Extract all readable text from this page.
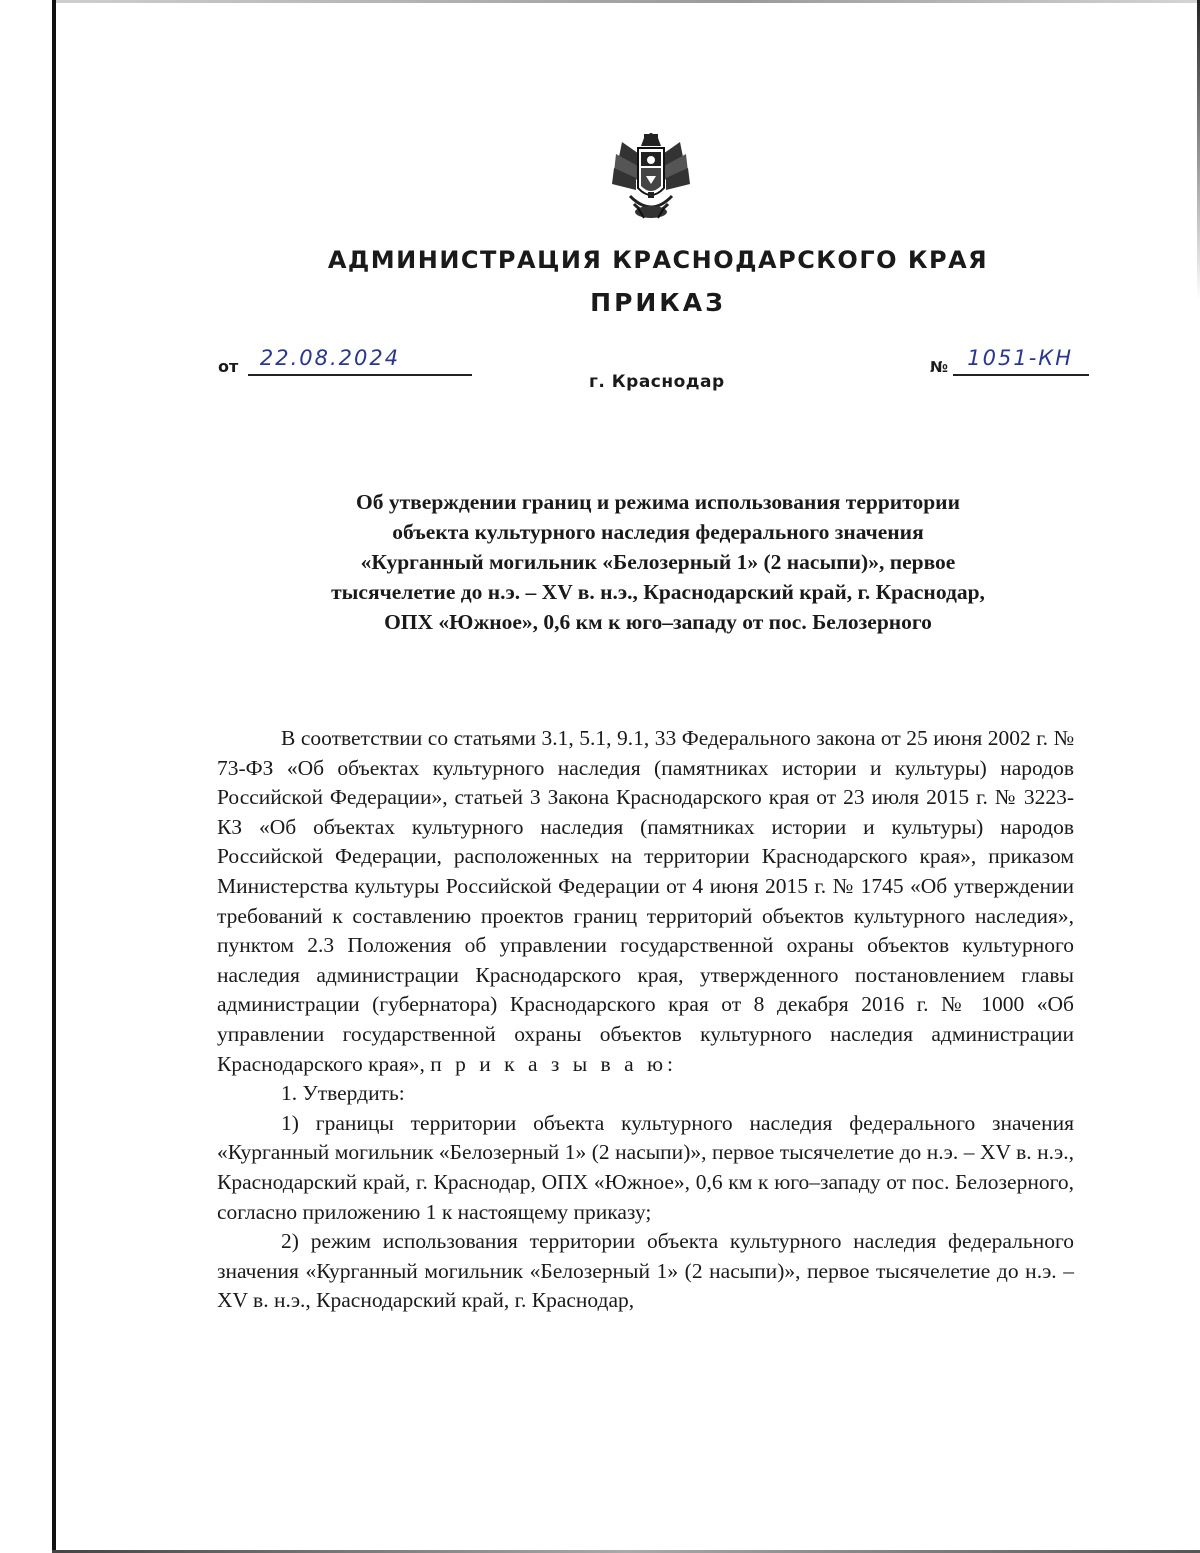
АДМИНИСТРАЦИЯ КРАСНОДАРСКОГО КРАЯ
ПРИКАЗ
от 22.08.2024	№ 1051-КН
г. Краснодар
Об утверждении границ и режима использования территории
объекта культурного наследия федерального значения
«Курганный могильник «Белозерный 1» (2 насыпи)», первое
тысячелетие до н.э. – XV в. н.э., Краснодарский край, г. Краснодар,
ОПХ «Южное», 0,6 км к юго–западу от пос. Белозерного

В соответствии со статьями 3.1, 5.1, 9.1, 33 Федерального закона от 25 июня 2002 г. № 73-ФЗ «Об объектах культурного наследия (памятниках истории и культуры) народов Российской Федерации», статьей 3 Закона Краснодарского края от 23 июля 2015 г. № 3223-КЗ «Об объектах культурного наследия (памятниках истории и культуры) народов Российской Федерации, расположенных на территории Краснодарского края», приказом Министерства культуры Российской Федерации от 4 июня 2015 г. № 1745 «Об утверждении требований к составлению проектов границ территорий объектов культурного наследия», пунктом 2.3 Положения об управлении государственной охраны объектов культурного наследия администрации Краснодарского края, утвержденного постановлением главы администрации (губернатора) Краснодарского края от 8 декабря 2016 г. № 1000 «Об управлении государственной охраны объектов культурного наследия администрации Краснодарского края», п р и к а з ы в а ю:

1. Утвердить:

1) границы территории объекта культурного наследия федерального значения «Курганный могильник «Белозерный 1» (2 насыпи)», первое тысячелетие до н.э. – XV в. н.э., Краснодарский край, г. Краснодар, ОПХ «Южное», 0,6 км к юго–западу от пос. Белозерного, согласно приложению 1 к настоящему приказу;

2) режим использования территории объекта культурного наследия федерального значения «Курганный могильник «Белозерный 1» (2 насыпи)», первое тысячелетие до н.э. – XV в. н.э., Краснодарский край, г. Краснодар,
